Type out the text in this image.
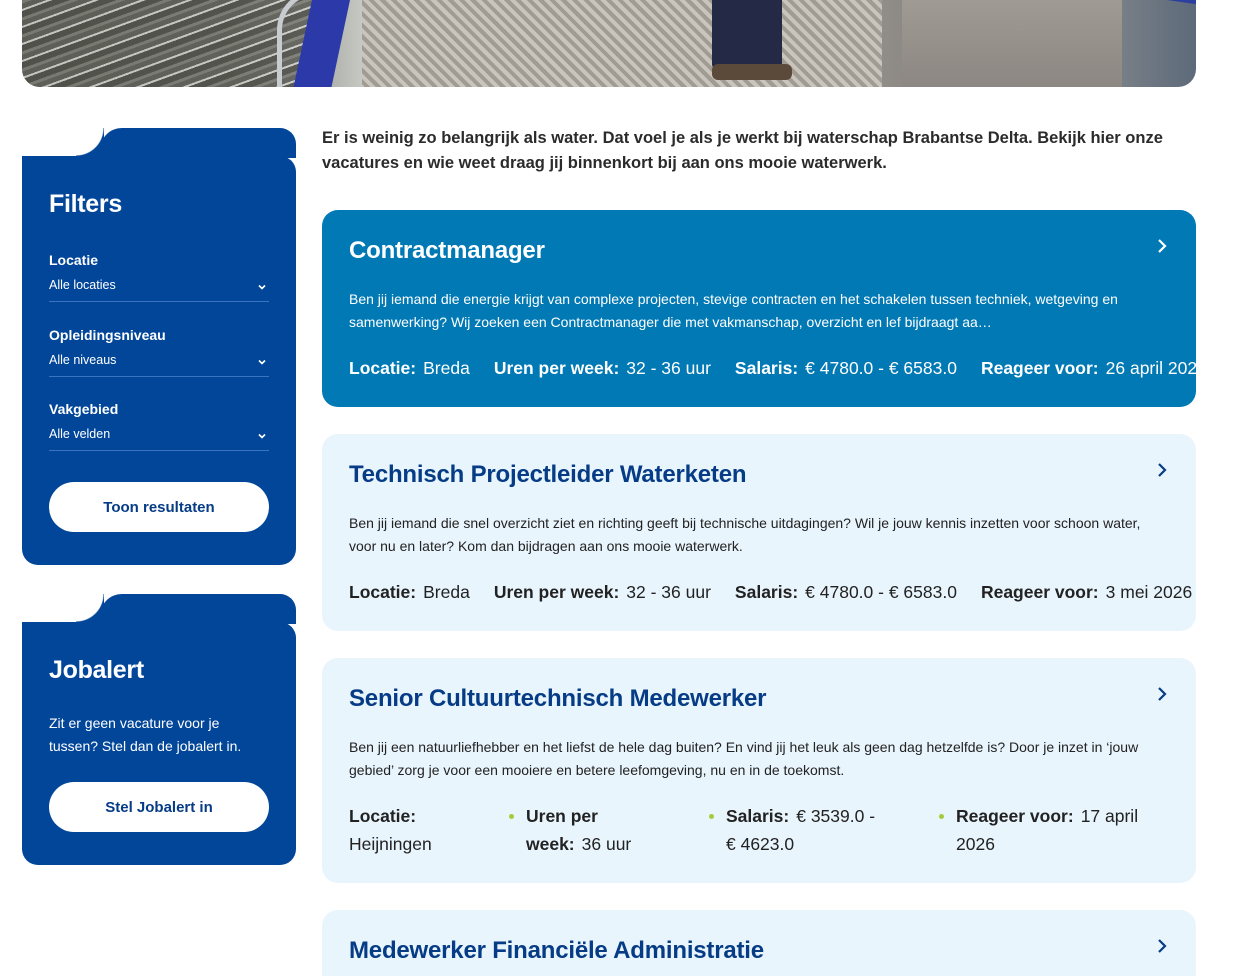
Er is weinig zo belangrijk als water. Dat voel je als je werkt bij waterschap Brabantse Delta. Bekijk hier onze vacatures en wie weet draag jij binnenkort bij aan ons mooie waterwerk.

Filters
Locatie
Alle locaties
Opleidingsniveau
Alle niveaus
Vakgebied
Alle velden
Toon resultaten
Jobalert

Zit er geen vacature voor je tussen? Stel dan de jobalert in.

Stel Jobalert in
Contractmanager

Ben jij iemand die energie krijgt van complexe projecten, stevige contracten en het schakelen tussen techniek, wetgeving en samenwerking? Wij zoeken een Contractmanager die met vakmanschap, overzicht en lef bijdraagt aa…

Locatie: Breda Uren per week: 32 - 36 uur Salaris: € 4780.0 - € 6583.0 Reageer voor: 26 april 2026
Technisch Projectleider Waterketen

Ben jij iemand die snel overzicht ziet en richting geeft bij technische uitdagingen? Wil je jouw kennis inzetten voor schoon water, voor nu en later? Kom dan bijdragen aan ons mooie waterwerk.

Locatie: Breda Uren per week: 32 - 36 uur Salaris: € 4780.0 - € 6583.0 Reageer voor: 3 mei 2026
Senior Cultuurtechnisch Medewerker

Ben jij een natuurliefhebber en het liefst de hele dag buiten? En vind jij het leuk als geen dag hetzelfde is? Door je inzet in ‘jouw gebied’ zorg je voor een mooiere en betere leefomgeving, nu en in de toekomst.

Locatie:
Heijningen
Uren per week: 36 uur
Salaris: € 3539.0 - € 4623.0
Reageer voor: 17 april 2026
Medewerker Financiële Administratie
